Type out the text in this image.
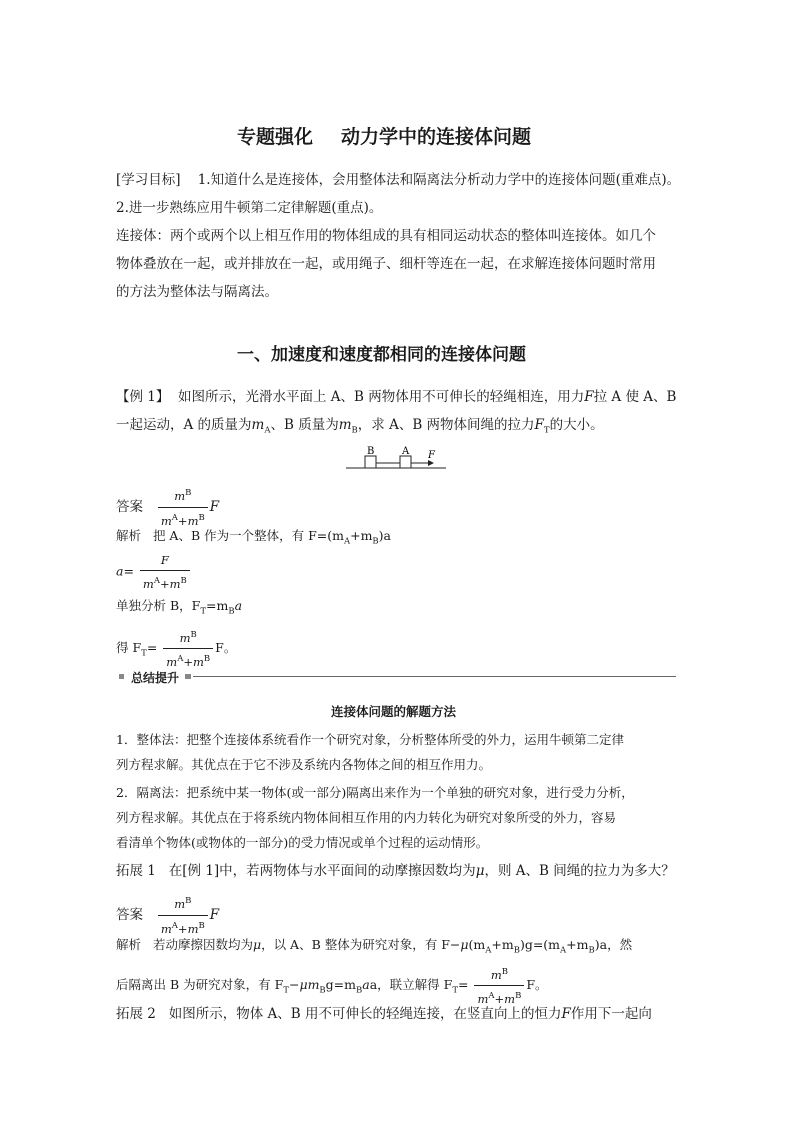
专题强化 动力学中的连接体问题
[学习目标] 1.知道什么是连接体，会用整体法和隔离法分析动力学中的连接体问题(重难点)。
2.进一步熟练应用牛顿第二定律解题(重点)。
连接体：两个或两个以上相互作用的物体组成的具有相同运动状态的整体叫连接体。如几个
物体叠放在一起，或并排放在一起，或用绳子、细杆等连在一起，在求解连接体问题时常用
的方法为整体法与隔离法。
一、加速度和速度都相同的连接体问题
【例 1】 如图所示，光滑水平面上 A、B 两物体用不可伸长的轻绳相连，用力F拉 A 使 A、B
一起运动，A 的质量为$m_A$、B 质量为$m_B$，求 A、B 两物体间绳的拉力$F_T$的大小。
B	A F
答案 $\frac{m^B}{m^A+m^B}$ F
解析 把 A、B 作为一个整体，有 $F=(m_A+m_B)a$
$a= \frac{F}{m^A+m^B}$
单独分析 B，$F_T=m_Ba$
得 $F_T= \frac{m^B}{m^A+m^B}$ F。
总结提升
连接体问题的解题方法
1．整体法：把整个连接体系统看作一个研究对象，分析整体所受的外力，运用牛顿第二定律
列方程求解。其优点在于它不涉及系统内各物体之间的相互作用力。
2．隔离法：把系统中某一物体(或一部分)隔离出来作为一个单独的研究对象，进行受力分析，
列方程求解。其优点在于将系统内物体间相互作用的内力转化为研究对象所受的外力，容易
看清单个物体(或物体的一部分)的受力情况或单个过程的运动情形。
拓展 1 在[例 1]中，若两物体与水平面间的动摩擦因数均为μ，则 A、B 间绳的拉力为多大？
答案 $\frac{m^B}{m^A+m^B}$ F
解析 若动摩擦因数均为μ，以 A、B 整体为研究对象，有 $F-\mu(m_A+m_B)g=(m_A+m_B)a$，然
后隔离出 B 为研究对象，有 $F_T-\mu m_Bg=m_Baa$，联立解得 $F_T= \frac{m^B}{m^A+m^B}$ F。
拓展 2 如图所示，物体 A、B 用不可伸长的轻绳连接，在竖直向上的恒力F作用下一起向
